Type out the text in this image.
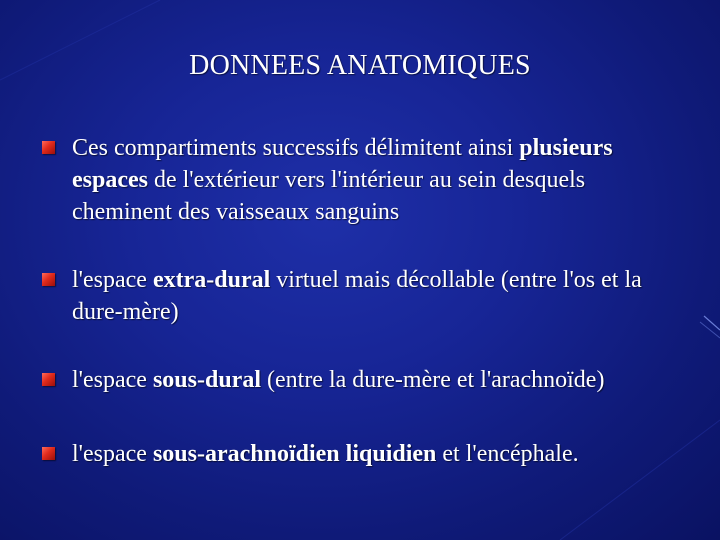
DONNEES ANATOMIQUES
Ces compartiments successifs délimitent ainsi plusieurs espaces de l'extérieur vers l'intérieur au sein desquels cheminent des vaisseaux sanguins
l'espace extra-dural virtuel mais décollable (entre l'os et la dure-mère)
l'espace sous-dural (entre la dure-mère et l'arachnoïde)
l'espace sous-arachnoïdien liquidien et l'encéphale.
